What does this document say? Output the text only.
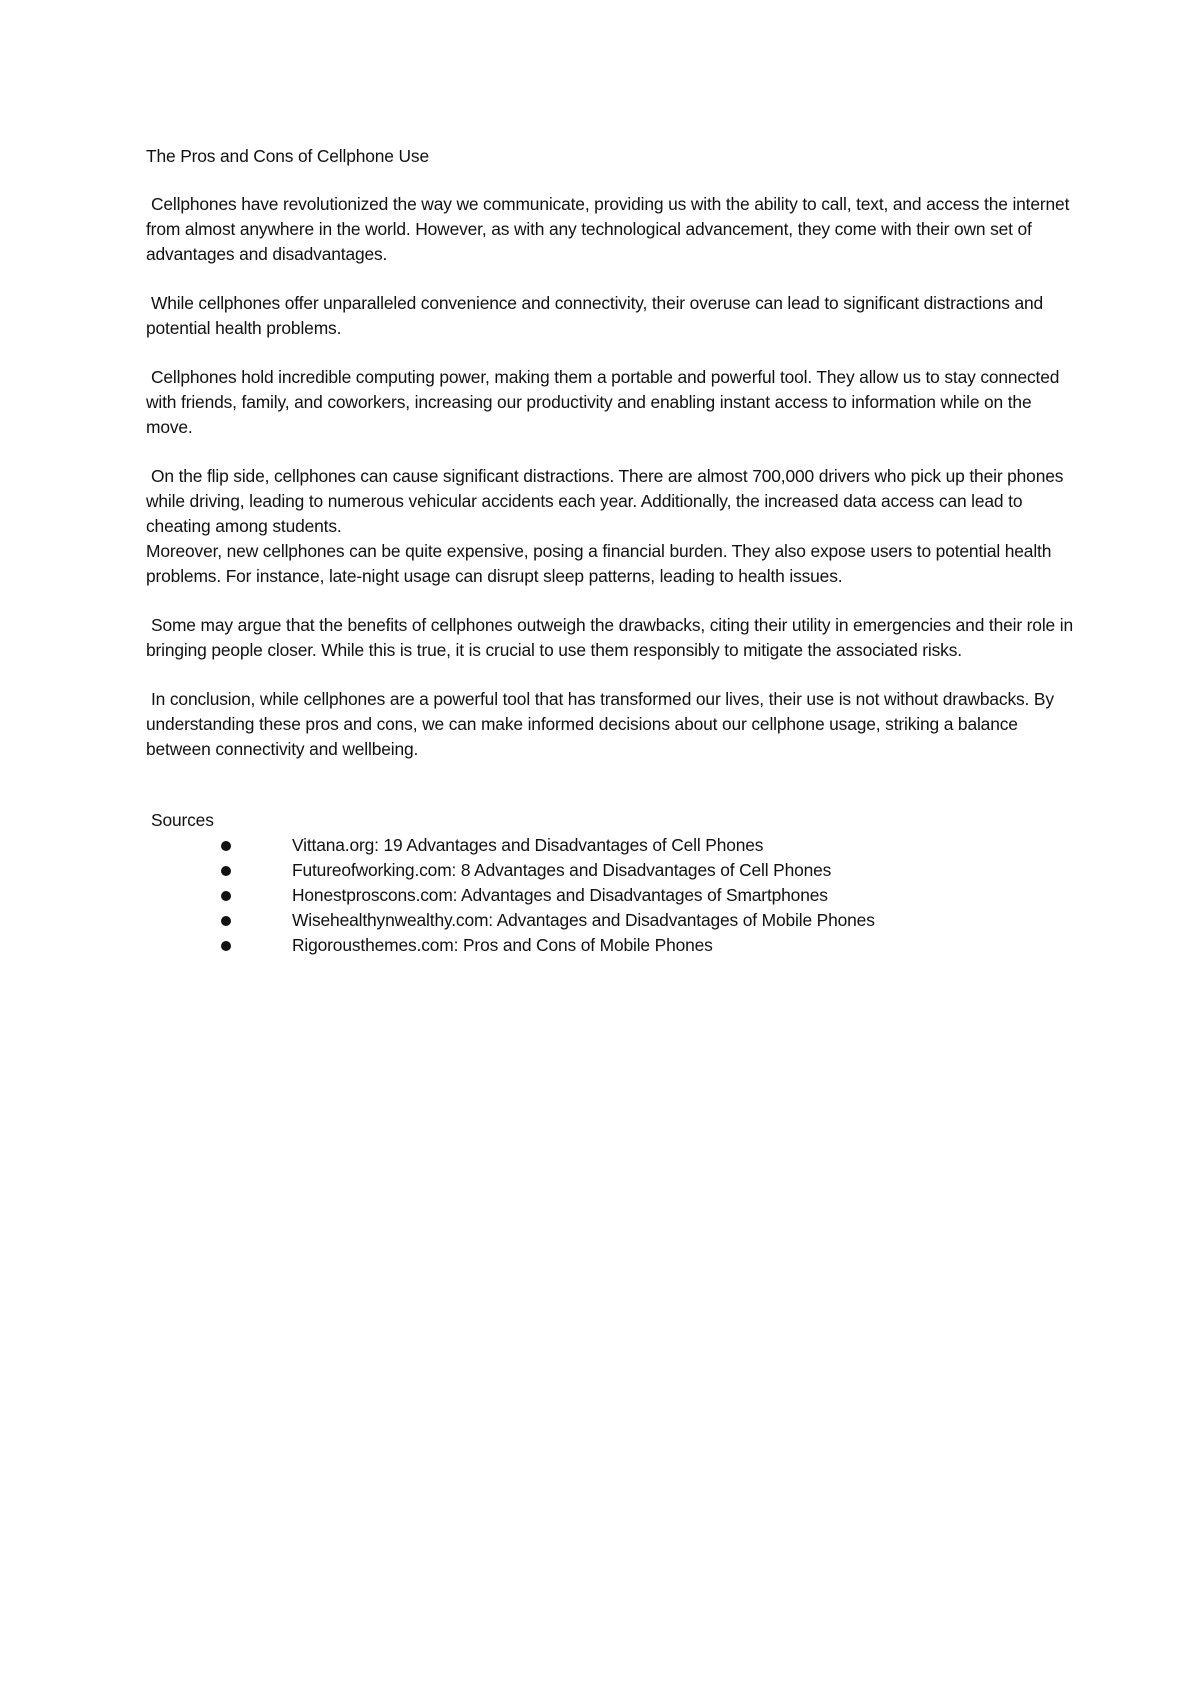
The Pros and Cons of Cellphone Use

Cellphones have revolutionized the way we communicate, providing us with the ability to call, text, and access the internet from almost anywhere in the world. However, as with any technological advancement, they come with their own set of advantages and disadvantages.

While cellphones offer unparalleled convenience and connectivity, their overuse can lead to significant distractions and potential health problems.

Cellphones hold incredible computing power, making them a portable and powerful tool. They allow us to stay connected with friends, family, and coworkers, increasing our productivity and enabling instant access to information while on the move.

On the flip side, cellphones can cause significant distractions. There are almost 700,000 drivers who pick up their phones while driving, leading to numerous vehicular accidents each year. Additionally, the increased data access can lead to cheating among students.

Moreover, new cellphones can be quite expensive, posing a financial burden. They also expose users to potential health problems. For instance, late-night usage can disrupt sleep patterns, leading to health issues.

Some may argue that the benefits of cellphones outweigh the drawbacks, citing their utility in emergencies and their role in bringing people closer. While this is true, it is crucial to use them responsibly to mitigate the associated risks.

In conclusion, while cellphones are a powerful tool that has transformed our lives, their use is not without drawbacks. By understanding these pros and cons, we can make informed decisions about our cellphone usage, striking a balance between connectivity and wellbeing.

Sources
Vittana.org: 19 Advantages and Disadvantages of Cell Phones
Futureofworking.com: 8 Advantages and Disadvantages of Cell Phones
Honestproscons.com: Advantages and Disadvantages of Smartphones
Wisehealthynwealthy.com: Advantages and Disadvantages of Mobile Phones
Rigorousthemes.com: Pros and Cons of Mobile Phones
